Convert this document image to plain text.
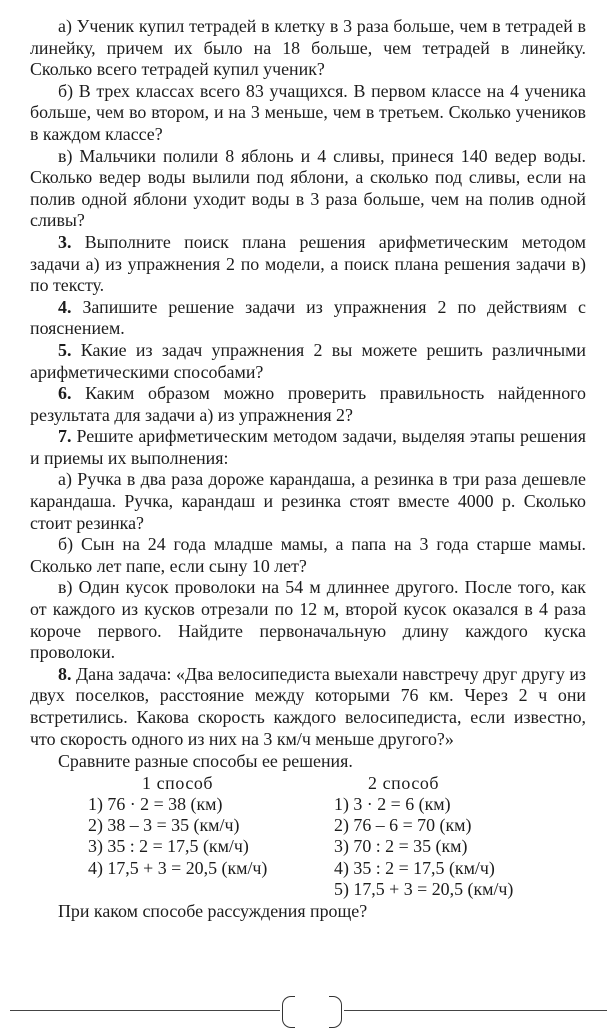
а) Ученик купил тетрадей в клетку в 3 раза больше, чем в тетрадей в линейку, причем их было на 18 больше, чем тетрадей в линейку. Сколько всего тетрадей купил ученик?

б) В трех классах всего 83 учащихся. В первом классе на 4 ученика больше, чем во втором, и на 3 меньше, чем в третьем. Сколько учеников в каждом классе?

в) Мальчики полили 8 яблонь и 4 сливы, принеся 140 ведер воды. Сколько ведер воды вылили под яблони, а сколько под сливы, если на полив одной яблони уходит воды в 3 раза больше, чем на полив одной сливы?

3. Выполните поиск плана решения арифметическим методом задачи а) из упражнения 2 по модели, а поиск плана решения задачи в) по тексту.

4. Запишите решение задачи из упражнения 2 по действиям с пояснением.

5. Какие из задач упражнения 2 вы можете решить различными арифметическими способами?

6. Каким образом можно проверить правильность найденного результата для задачи а) из упражнения 2?

7. Решите арифметическим методом задачи, выделяя этапы решения и приемы их выполнения:

а) Ручка в два раза дороже карандаша, а резинка в три раза дешевле карандаша. Ручка, карандаш и резинка стоят вместе 4000 р. Сколько стоит резинка?

б) Сын на 24 года младше мамы, а папа на 3 года старше мамы. Сколько лет папе, если сыну 10 лет?

в) Один кусок проволоки на 54 м длиннее другого. После того, как от каждого из кусков отрезали по 12 м, второй кусок оказался в 4 раза короче первого. Найдите первоначальную длину каждого куска проволоки.

8. Дана задача: «Два велосипедиста выехали навстречу друг другу из двух поселков, расстояние между которыми 76 км. Через 2 ч они встретились. Какова скорость каждого велосипедиста, если известно, что скорость одного из них на 3 км/ч меньше другого?»

Сравните разные способы ее решения.

1 способ
1) 76 · 2 = 38 (км)
2) 38 – 3 = 35 (км/ч)
3) 35 : 2 = 17,5 (км/ч)
4) 17,5 + 3 = 20,5 (км/ч)
2 способ
1) 3 · 2 = 6 (км)
2) 76 – 6 = 70 (км)
3) 70 : 2 = 35 (км)
4) 35 : 2 = 17,5 (км/ч)
5) 17,5 + 3 = 20,5 (км/ч)

При каком способе рассуждения проще?
